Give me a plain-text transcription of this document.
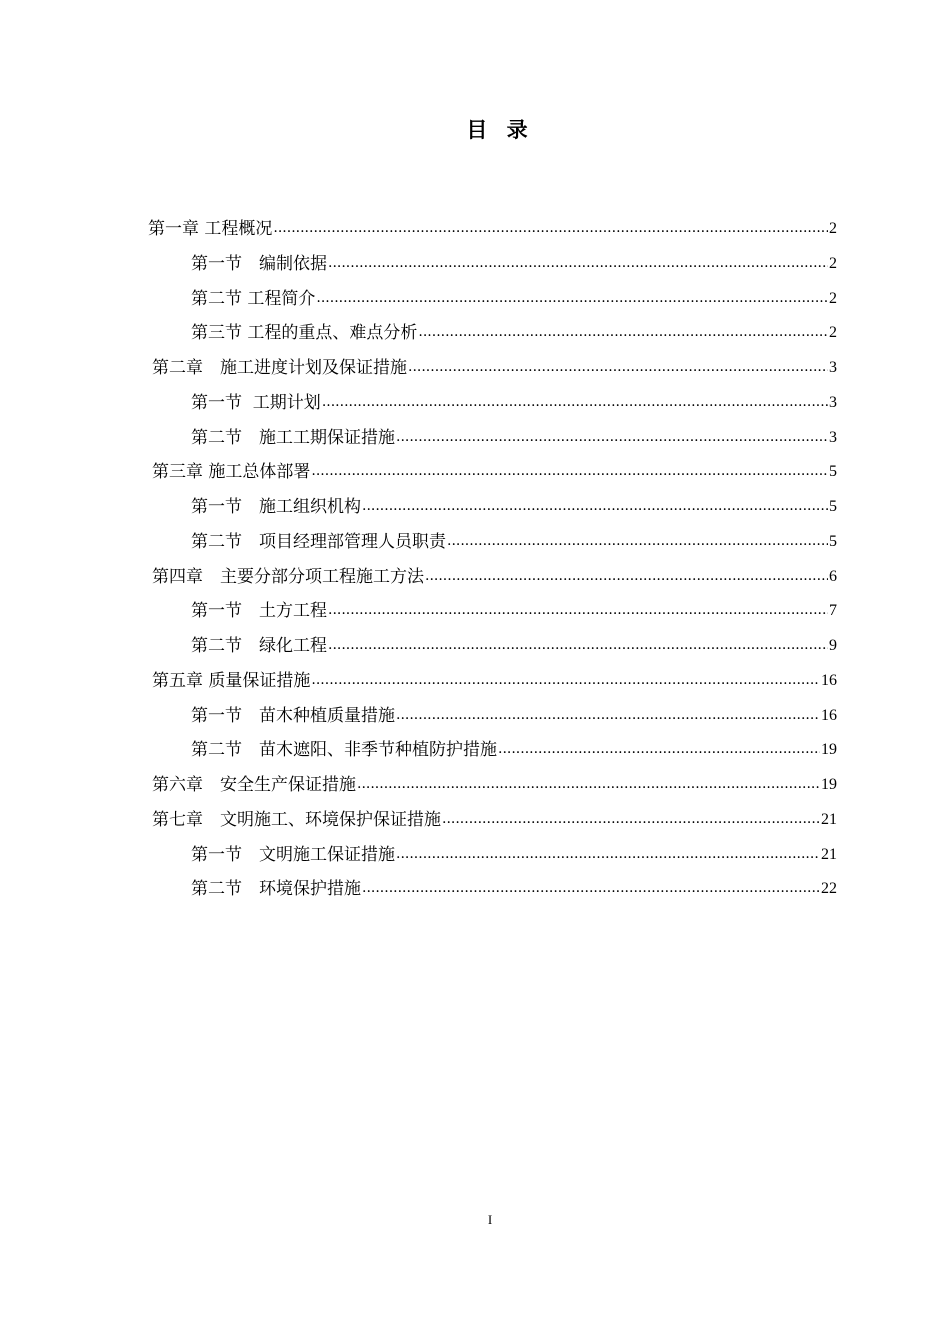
目 录
第一章 工程概况 .....	2
第一节　编制依据 .....	2
第二节 工程简介 .....	2
第三节 工程的重点、难点分析 .....	2
第二章　施工进度计划及保证措施 .....	3
第一节  工期计划 .....	3
第二节　施工工期保证措施 .....	3
第三章 施工总体部署 .....	5
第一节　施工组织机构 .....	5
第二节　项目经理部管理人员职责 .....	5
第四章　主要分部分项工程施工方法 .....	6
第一节　土方工程 .....	7
第二节　绿化工程 .....	9
第五章 质量保证措施 .....	16
第一节　苗木种植质量措施 .....	16
第二节　苗木遮阳、非季节种植防护措施 .....	19
第六章　安全生产保证措施 .....	19
第七章　文明施工、环境保护保证措施 .....	21
第一节　文明施工保证措施 .....	21
第二节　环境保护措施 .....	22
I
